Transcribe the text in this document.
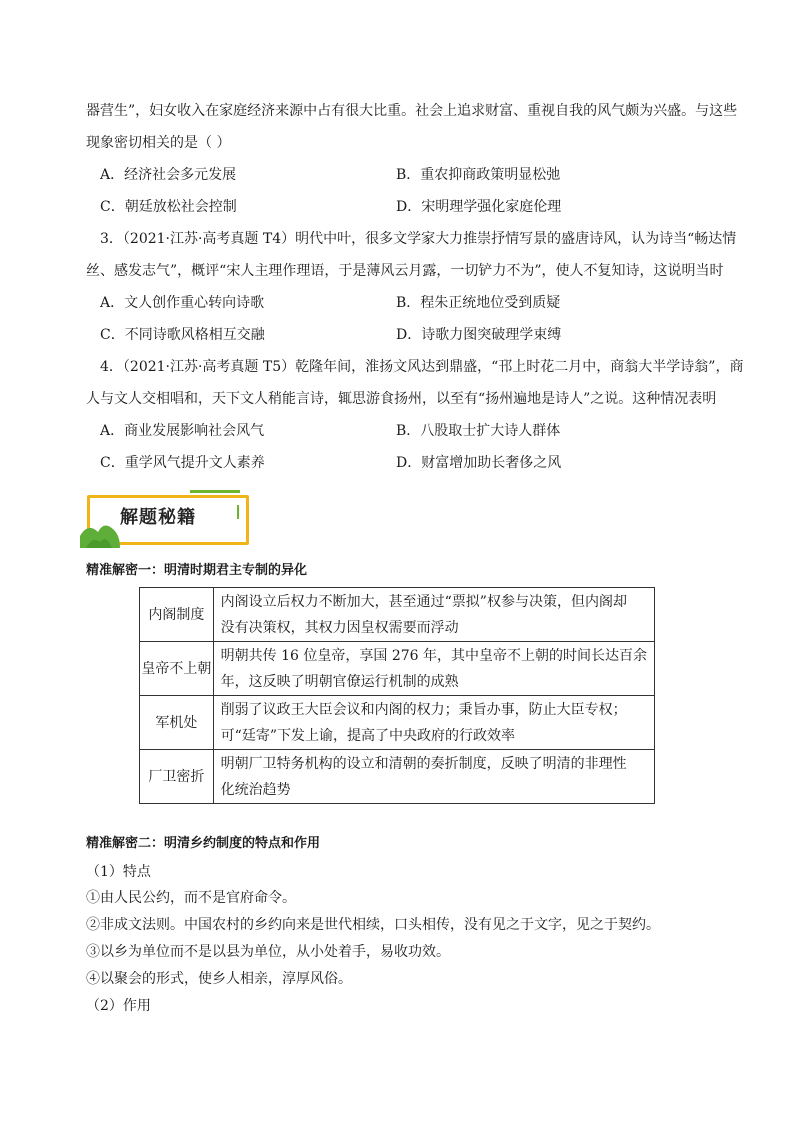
器营生”，妇女收入在家庭经济来源中占有很大比重。社会上追求财富、重视自我的风气颇为兴盛。与这些
现象密切相关的是（ ）
A．经济社会多元发展	B．重农抑商政策明显松弛
C．朝廷放松社会控制	D．宋明理学强化家庭伦理
3．（2021·江苏·高考真题 T4）明代中叶，很多文学家大力推崇抒情写景的盛唐诗风，认为诗当“畅达情
丝、感发志气”，概评“宋人主理作理语，于是薄风云月露，一切铲力不为”，使人不复知诗，这说明当时
A．文人创作重心转向诗歌	B．程朱正统地位受到质疑
C．不同诗歌风格相互交融	D．诗歌力图突破理学束缚
4．（2021·江苏·高考真题 T5）乾隆年间，淮扬文风达到鼎盛，“邗上时花二月中，商翁大半学诗翁”，商
人与文人交相唱和，天下文人稍能言诗，辄思游食扬州，以至有“扬州遍地是诗人”之说。这种情况表明
A．商业发展影响社会风气	B．八股取士扩大诗人群体
C．重学风气提升文人素养	D．财富增加助长奢侈之风
解题秘籍
精准解密一：明清时期君主专制的异化
内阁制度	内阁设立后权力不断加大，甚至通过“票拟”权参与决策，但内阁却
没有决策权，其权力因皇权需要而浮动

皇帝不上朝	明朝共传 16 位皇帝，享国 276 年，其中皇帝不上朝的时间长达百余
年，这反映了明朝官僚运行机制的成熟

军机处	削弱了议政王大臣会议和内阁的权力；秉旨办事，防止大臣专权；
可“廷寄”下发上谕，提高了中央政府的行政效率

厂卫密折	明朝厂卫特务机构的设立和清朝的奏折制度，反映了明清的非理性
化统治趋势
精准解密二：明清乡约制度的特点和作用
（1）特点
①由人民公约，而不是官府命令。
②非成文法则。中国农村的乡约向来是世代相续，口头相传，没有见之于文字，见之于契约。
③以乡为单位而不是以县为单位，从小处着手，易收功效。
④以聚会的形式，使乡人相亲，淳厚风俗。
（2）作用
